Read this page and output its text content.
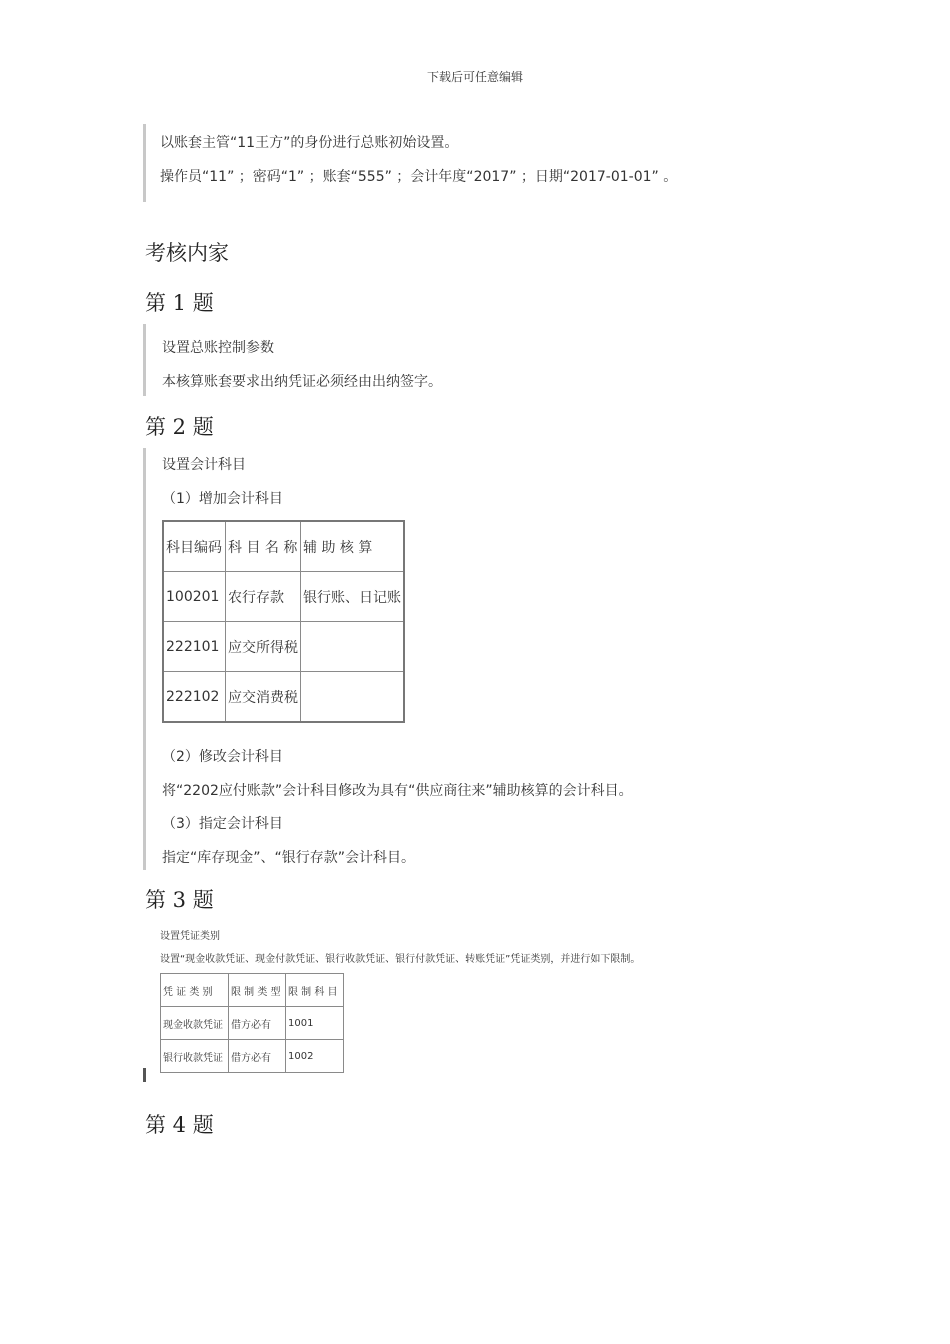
下载后可任意编辑
以账套主管“11王方”的身份进行总账初始设置。
操作员“11” ；密码“1” ；账套“555” ；会计年度“2017” ；日期“2017-01-01” 。
考核内家
第 1 题
设置总账控制参数
本核算账套要求出纳凭证必须经由出纳签字。
第 2 题
设置会计科目
（1）增加会计科目
科目编码	科 目 名 称	辅 助 核 算
100201	农行存款	银行账、日记账
222101	应交所得税	
222102	应交消费税	
（2）修改会计科目
将“2202应付账款”会计科目修改为具有“供应商往来”辅助核算的会计科目。
（3）指定会计科目
指定“库存现金”、“银行存款”会计科目。
第 3 题
设置凭证类别
设置“现金收款凭证、现金付款凭证、银行收款凭证、银行付款凭证、转账凭证”凭证类别，并进行如下限制。
凭 证 类 别	限 制 类 型	限 制 科 目
现金收款凭证	借方必有	1001
银行收款凭证	借方必有	1002
第 4 题
